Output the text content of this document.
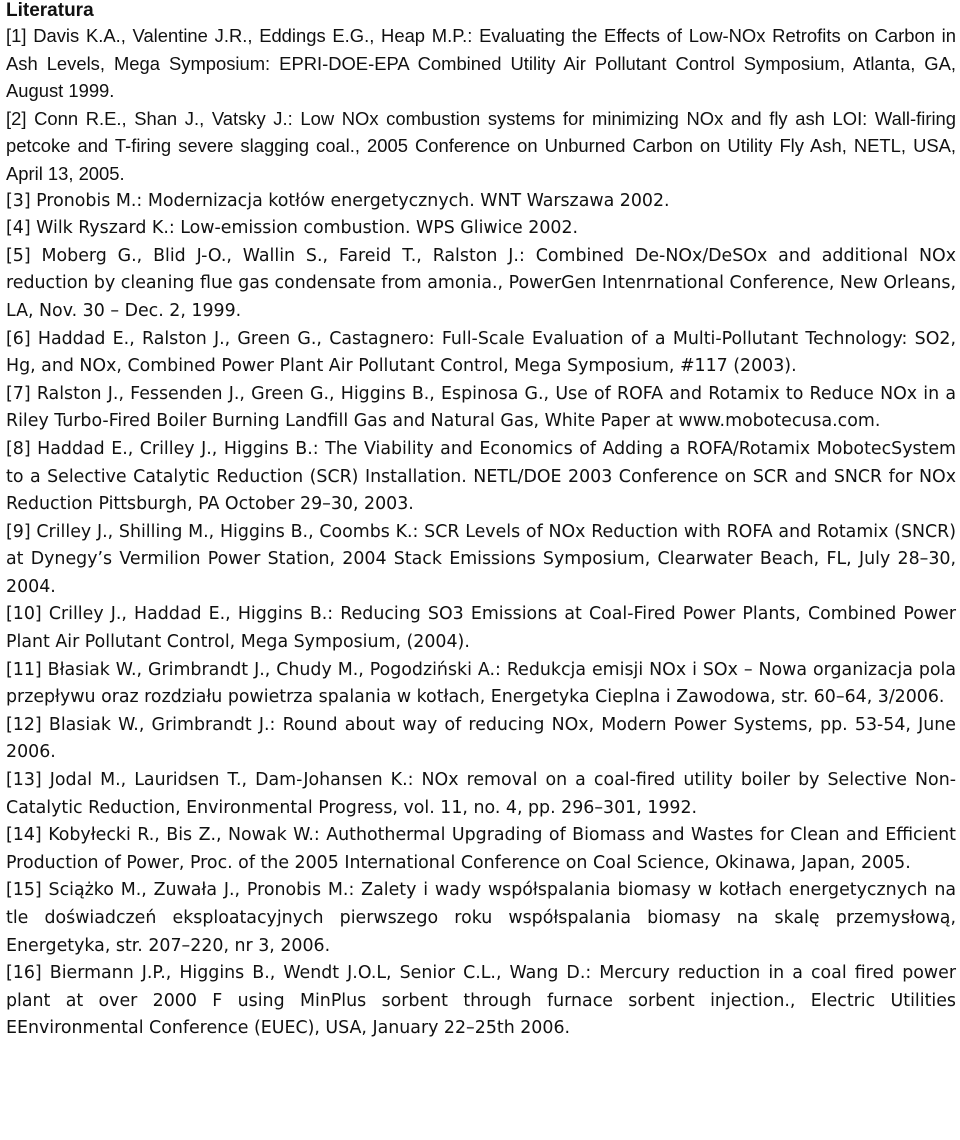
Literatura

[1] Davis K.A., Valentine J.R., Eddings E.G., Heap M.P.: Evaluating the Effects of Low-NOx Retrofits on Carbon in Ash Levels, Mega Symposium: EPRI-DOE-EPA Combined Utility Air Pollutant Control Symposium, Atlanta, GA, August 1999.

[2] Conn R.E., Shan J., Vatsky J.: Low NOx combustion systems for minimizing NOx and fly ash LOI: Wall-firing petcoke and T-firing severe slagging coal., 2005 Conference on Unburned Carbon on Utility Fly Ash, NETL, USA, April 13, 2005.

[3] Pronobis M.: Modernizacja kotłów energetycznych. WNT Warszawa 2002.

[4] Wilk Ryszard K.: Low-emission combustion. WPS Gliwice 2002.

[5] Moberg G., Blid J-O., Wallin S., Fareid T., Ralston J.: Combined De-NOx/DeSOx and additional NOx reduction by cleaning flue gas condensate from amonia., PowerGen Intenrnational Conference, New Orleans, LA, Nov. 30 – Dec. 2, 1999.

[6] Haddad E., Ralston J., Green G., Castagnero: Full-Scale Evaluation of a Multi-Pollutant Technology: SO2, Hg, and NOx, Combined Power Plant Air Pollutant Control, Mega Symposium, #117 (2003).

[7] Ralston J., Fessenden J., Green G., Higgins B., Espinosa G., Use of ROFA and Rotamix to Reduce NOx in a Riley Turbo-Fired Boiler Burning Landfill Gas and Natural Gas, White Paper at www.mobotecusa.com.

[8] Haddad E., Crilley J., Higgins B.: The Viability and Economics of Adding a ROFA/Rotamix MobotecSystem to a Selective Catalytic Reduction (SCR) Installation. NETL/DOE 2003 Conference on SCR and SNCR for NOx Reduction Pittsburgh, PA October 29–30, 2003.

[9] Crilley J., Shilling M., Higgins B., Coombs K.: SCR Levels of NOx Reduction with ROFA and Rotamix (SNCR) at Dynegy’s Vermilion Power Station, 2004 Stack Emissions Symposium, Clearwater Beach, FL, July 28–30, 2004.

[10] Crilley J., Haddad E., Higgins B.: Reducing SO3 Emissions at Coal-Fired Power Plants, Combined Power Plant Air Pollutant Control, Mega Symposium, (2004).

[11] Błasiak W., Grimbrandt J., Chudy M., Pogodziński A.: Redukcja emisji NOx i SOx – Nowa organizacja pola przepływu oraz rozdziału powietrza spalania w kotłach, Energetyka Cieplna i Zawodowa, str. 60–64, 3/2006.

[12] Blasiak W., Grimbrandt J.: Round about way of reducing NOx, Modern Power Systems, pp. 53-54, June 2006.

[13] Jodal M., Lauridsen T., Dam-Johansen K.: NOx removal on a coal-fired utility boiler by Selective Non-Catalytic Reduction, Environmental Progress, vol. 11, no. 4, pp. 296–301, 1992.

[14] Kobyłecki R., Bis Z., Nowak W.: Authothermal Upgrading of Biomass and Wastes for Clean and Efficient Production of Power, Proc. of the 2005 International Conference on Coal Science, Okinawa, Japan, 2005.

[15] Sciążko M., Zuwała J., Pronobis M.: Zalety i wady współspalania biomasy w kotłach energetycznych na tle doświadczeń eksploatacyjnych pierwszego roku współspalania biomasy na skalę przemysłową, Energetyka, str. 207–220, nr 3, 2006.

[16] Biermann J.P., Higgins B., Wendt J.O.L, Senior C.L., Wang D.: Mercury reduction in a coal fired power plant at over 2000 F using MinPlus sorbent through furnace sorbent injection., Electric Utilities EEnvironmental Conference (EUEC), USA, January 22–25th 2006.
